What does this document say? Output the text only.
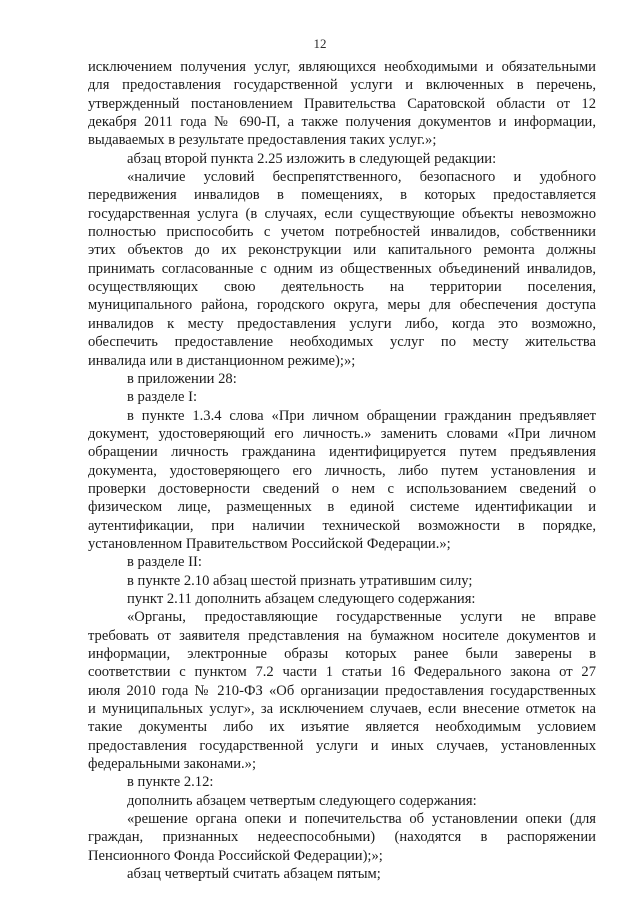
12
исключением получения услуг, являющихся необходимыми и обязательными
для предоставления государственной услуги и включенных в перечень,
утвержденный постановлением Правительства Саратовской области от 12
декабря 2011 года № 690-П, а также получения документов и информации,
выдаваемых в результате предоставления таких услуг.»;
абзац второй пункта 2.25 изложить в следующей редакции:
«наличие условий беспрепятственного, безопасного и удобного
передвижения инвалидов в помещениях, в которых предоставляется
государственная услуга (в случаях, если существующие объекты невозможно
полностью приспособить с учетом потребностей инвалидов, собственники
этих объектов до их реконструкции или капитального ремонта должны
принимать согласованные с одним из общественных объединений инвалидов,
осуществляющих свою деятельность на территории поселения,
муниципального района, городского округа, меры для обеспечения доступа
инвалидов к месту предоставления услуги либо, когда это возможно,
обеспечить предоставление необходимых услуг по месту жительства
инвалида или в дистанционном режиме);»;
в приложении 28:
в разделе I:
в пункте 1.3.4 слова «При личном обращении гражданин предъявляет
документ, удостоверяющий его личность.» заменить словами «При личном
обращении личность гражданина идентифицируется путем предъявления
документа, удостоверяющего его личность, либо путем установления и
проверки достоверности сведений о нем с использованием сведений о
физическом лице, размещенных в единой системе идентификации и
аутентификации, при наличии технической возможности в порядке,
установленном Правительством Российской Федерации.»;
в разделе II:
в пункте 2.10 абзац шестой признать утратившим силу;
пункт 2.11 дополнить абзацем следующего содержания:
«Органы, предоставляющие государственные услуги не вправе
требовать от заявителя представления на бумажном носителе документов и
информации, электронные образы которых ранее были заверены в
соответствии с пунктом 7.2 части 1 статьи 16 Федерального закона от 27
июля 2010 года № 210-ФЗ «Об организации предоставления государственных
и муниципальных услуг», за исключением случаев, если внесение отметок на
такие документы либо их изъятие является необходимым условием
предоставления государственной услуги и иных случаев, установленных
федеральными законами.»;
в пункте 2.12:
дополнить абзацем четвертым следующего содержания:
«решение органа опеки и попечительства об установлении опеки (для
граждан, признанных недееспособными) (находятся в распоряжении
Пенсионного Фонда Российской Федерации);»;
абзац четвертый считать абзацем пятым;
